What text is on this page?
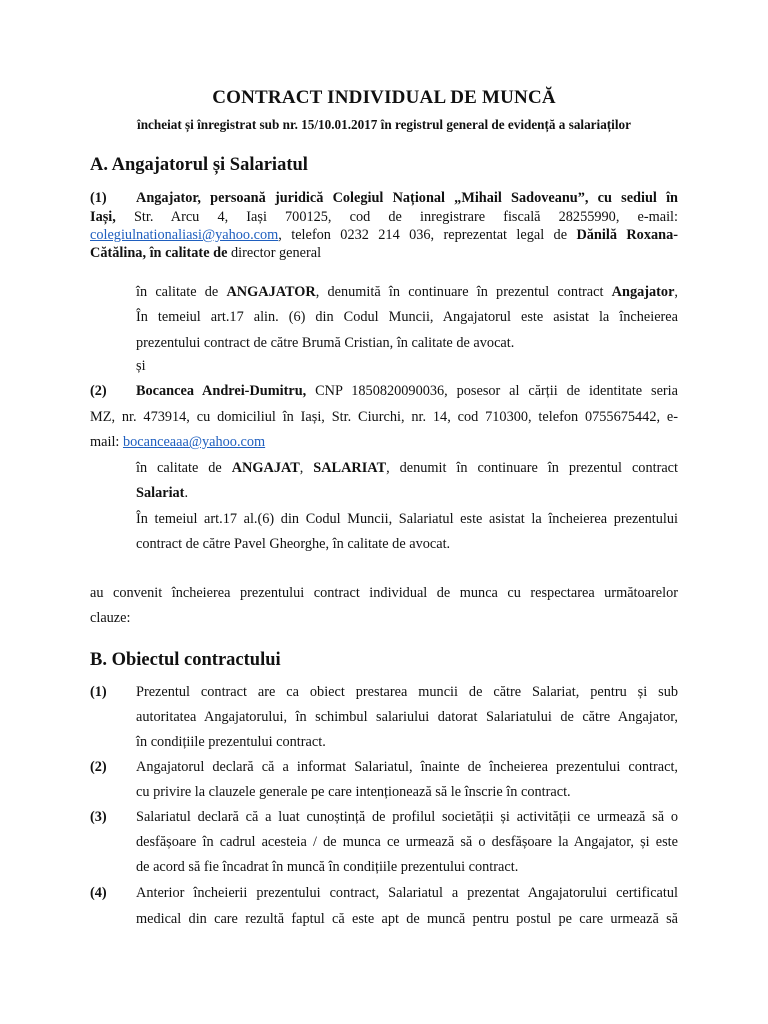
CONTRACT INDIVIDUAL DE MUNCĂ
încheiat și înregistrat sub nr. 15/10.01.2017 în registrul general de evidență a salariaților
A. Angajatorul și Salariatul
(1) Angajator, persoană juridică Colegiul Național „Mihail Sadoveanu”, cu sediul în
Iași, Str. Arcu 4, Iași 700125, cod de inregistrare fiscală 28255990, e-mail:
colegiulnationaliasi@yahoo.com, telefon 0232 214 036, reprezentat legal de Dănilă Roxana-
Cătălina, în calitate de director general
în calitate de ANGAJATOR, denumită în continuare în prezentul contract Angajator,
În temeiul art.17 alin. (6) din Codul Muncii, Angajatorul este asistat la încheierea
prezentului contract de către Brumă Cristian, în calitate de avocat.
și
(2) Bocancea Andrei-Dumitru, CNP 1850820090036, posesor al cărții de identitate seria
MZ, nr. 473914, cu domiciliul în Iași, Str. Ciurchi, nr. 14, cod 710300, telefon 0755675442, e-
mail: bocanceaaa@yahoo.com
în calitate de ANGAJAT, SALARIAT, denumit în continuare în prezentul contract
Salariat.
În temeiul art.17 al.(6) din Codul Muncii, Salariatul este asistat la încheierea prezentului
contract de către Pavel Gheorghe, în calitate de avocat.
au convenit încheierea prezentului contract individual de munca cu respectarea următoarelor
clauze:
B. Obiectul contractului
(1) Prezentul contract are ca obiect prestarea muncii de către Salariat, pentru și sub
autoritatea Angajatorului, în schimbul salariului datorat Salariatului de către Angajator,
în condițiile prezentului contract.
(2) Angajatorul declară că a informat Salariatul, înainte de încheierea prezentului contract,
cu privire la clauzele generale pe care intenționează să le înscrie în contract.
(3) Salariatul declară că a luat cunoștință de profilul societății și activității ce urmează să o
desfășoare în cadrul acesteia / de munca ce urmează să o desfășoare la Angajator, și este
de acord să fie încadrat în muncă în condițiile prezentului contract.
(4) Anterior încheierii prezentului contract, Salariatul a prezentat Angajatorului certificatul
medical din care rezultă faptul că este apt de muncă pentru postul pe care urmează să
